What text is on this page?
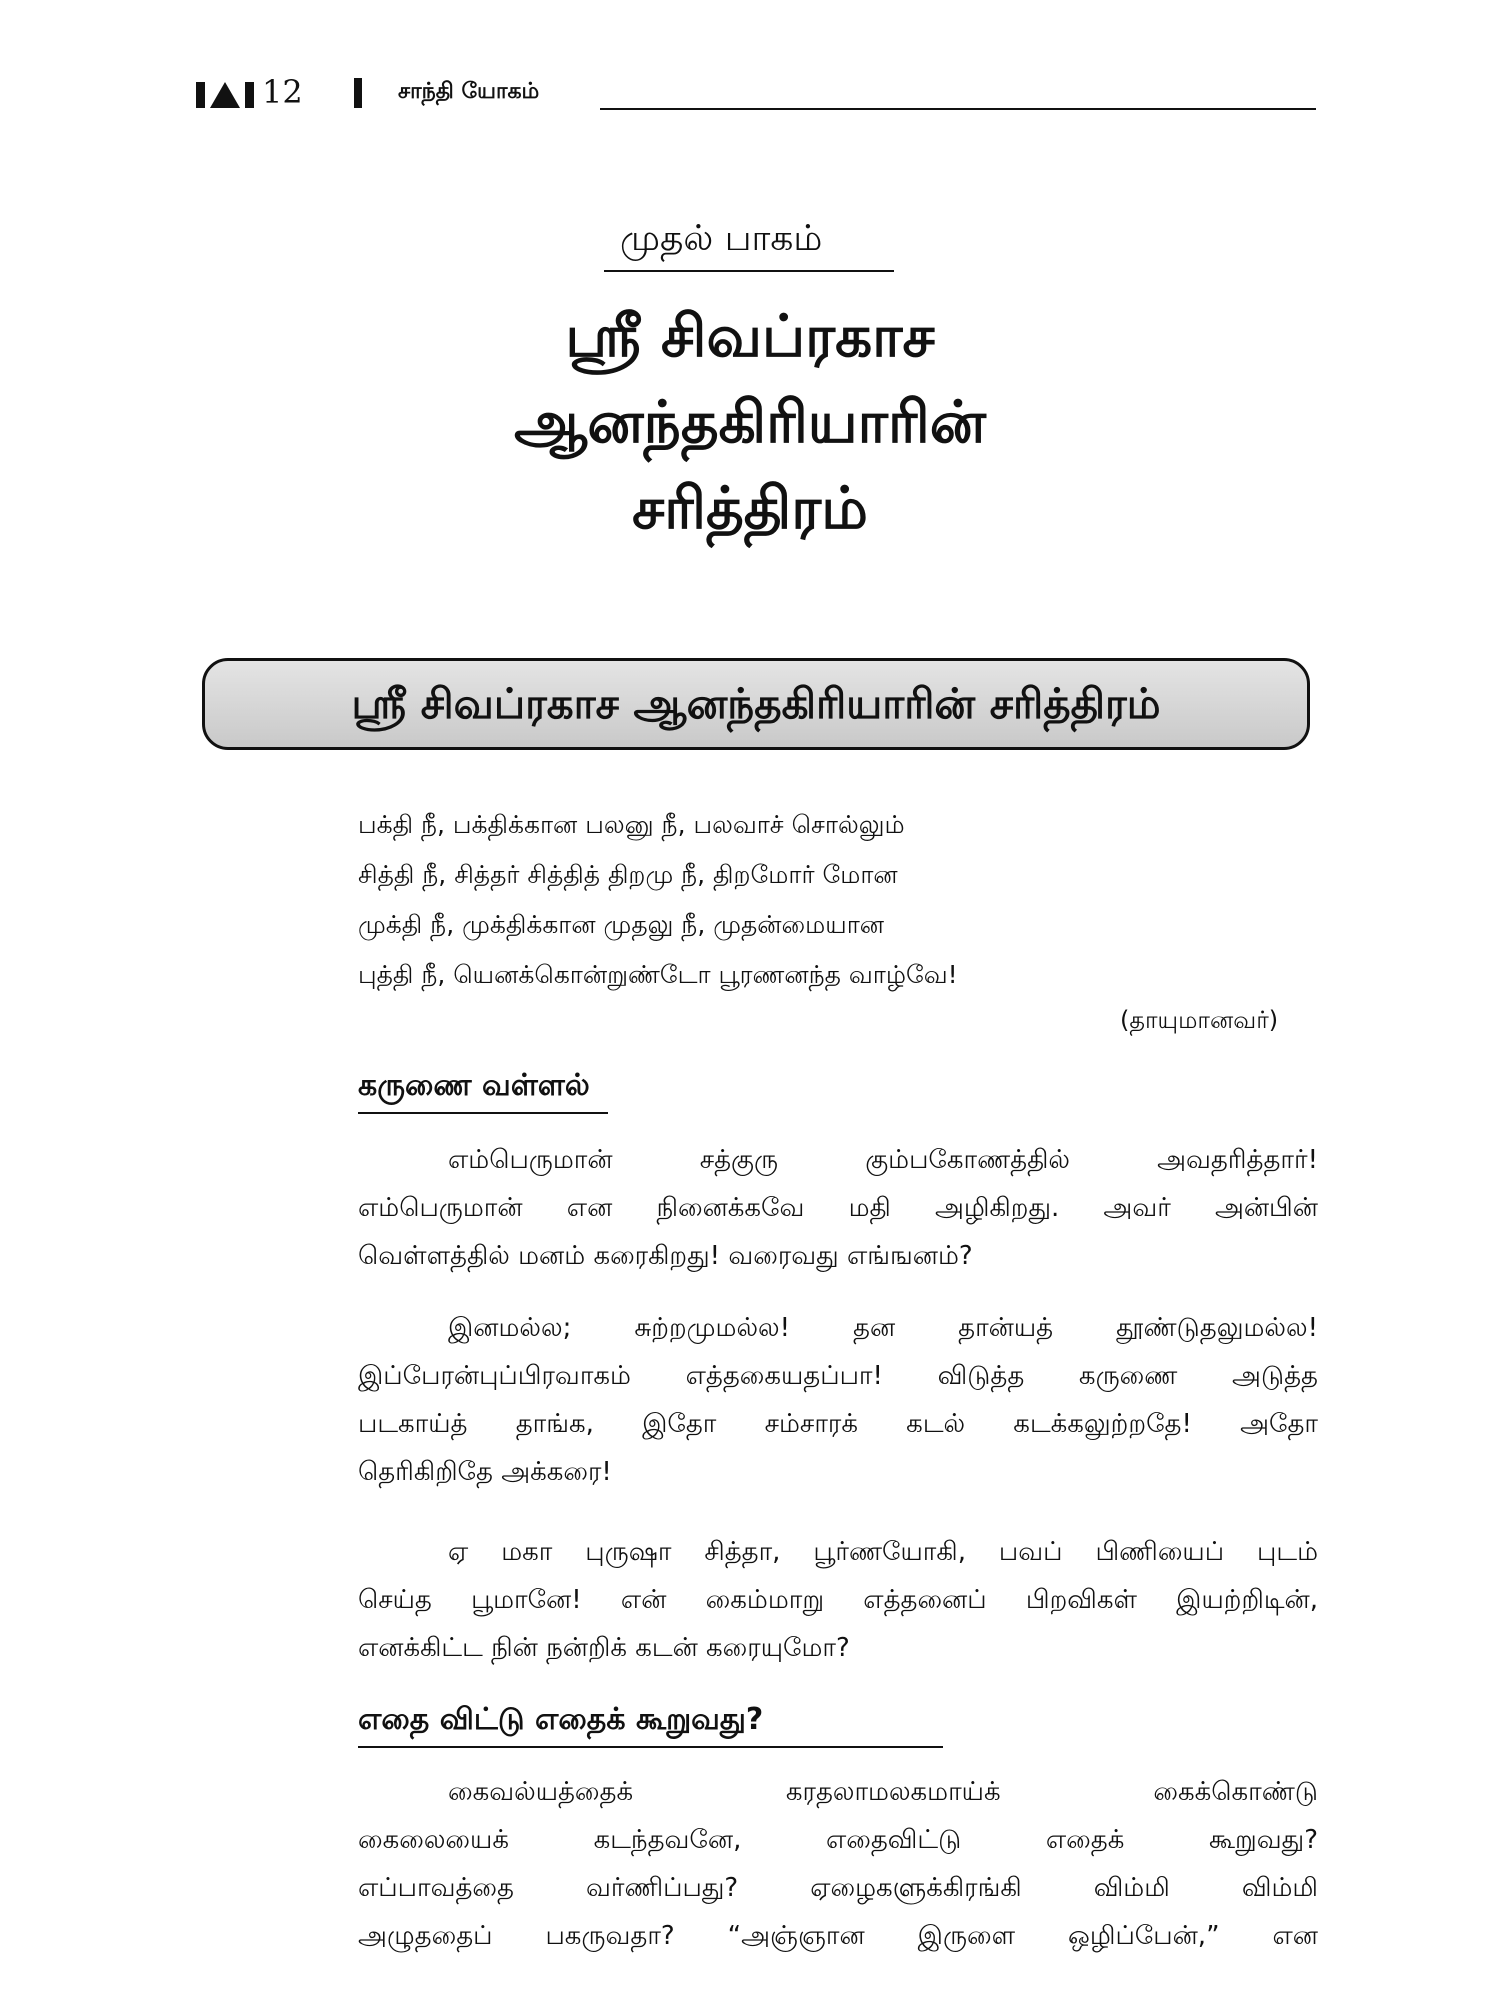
12	சாந்தி யோகம்
முதல் பாகம்
ஸ்ரீ சிவப்ரகாச
ஆனந்தகிரியாரின்
சரித்திரம்
ஸ்ரீ சிவப்ரகாச ஆனந்தகிரியாரின் சரித்திரம்
பக்தி நீ, பக்திக்கான பலனு நீ, பலவாச் சொல்லும்
சித்தி நீ, சித்தர் சித்தித் திறமு நீ, திறமோர் மோன
முக்தி நீ, முக்திக்கான முதலு நீ, முதன்மையான
புத்தி நீ, யெனக்கொன்றுண்டோ பூரணனந்த வாழ்வே!
(தாயுமானவர்)
கருணை வள்ளல்
எம்பெருமான் சத்குரு கும்பகோணத்தில் அவதரித்தார்!
எம்பெருமான் என நினைக்கவே மதி அழிகிறது. அவர் அன்பின்
வெள்ளத்தில் மனம் கரைகிறது! வரைவது எங்ஙனம்?
இனமல்ல; சுற்றமுமல்ல! தன தான்யத் தூண்டுதலுமல்ல!
இப்பேரன்புப்பிரவாகம் எத்தகையதப்பா! விடுத்த கருணை அடுத்த
படகாய்த் தாங்க, இதோ சம்சாரக் கடல் கடக்கலுற்றதே! அதோ
தெரிகிறிதே அக்கரை!
ஏ மகா புருஷா சித்தா, பூர்ணயோகி, பவப் பிணியைப் புடம்
செய்த பூமானே! என் கைம்மாறு எத்தனைப் பிறவிகள் இயற்றிடின்,
எனக்கிட்ட நின் நன்றிக் கடன் கரையுமோ?
எதை விட்டு எதைக் கூறுவது?
கைவல்யத்தைக் கரதலாமலகமாய்க் கைக்கொண்டு
கைலையைக் கடந்தவனே, எதைவிட்டு எதைக் கூறுவது?
எப்பாவத்தை வர்ணிப்பது? ஏழைகளுக்கிரங்கி விம்மி விம்மி
அழுததைப் பகருவதா? “அஞ்ஞான இருளை ஒழிப்பேன்,” என
